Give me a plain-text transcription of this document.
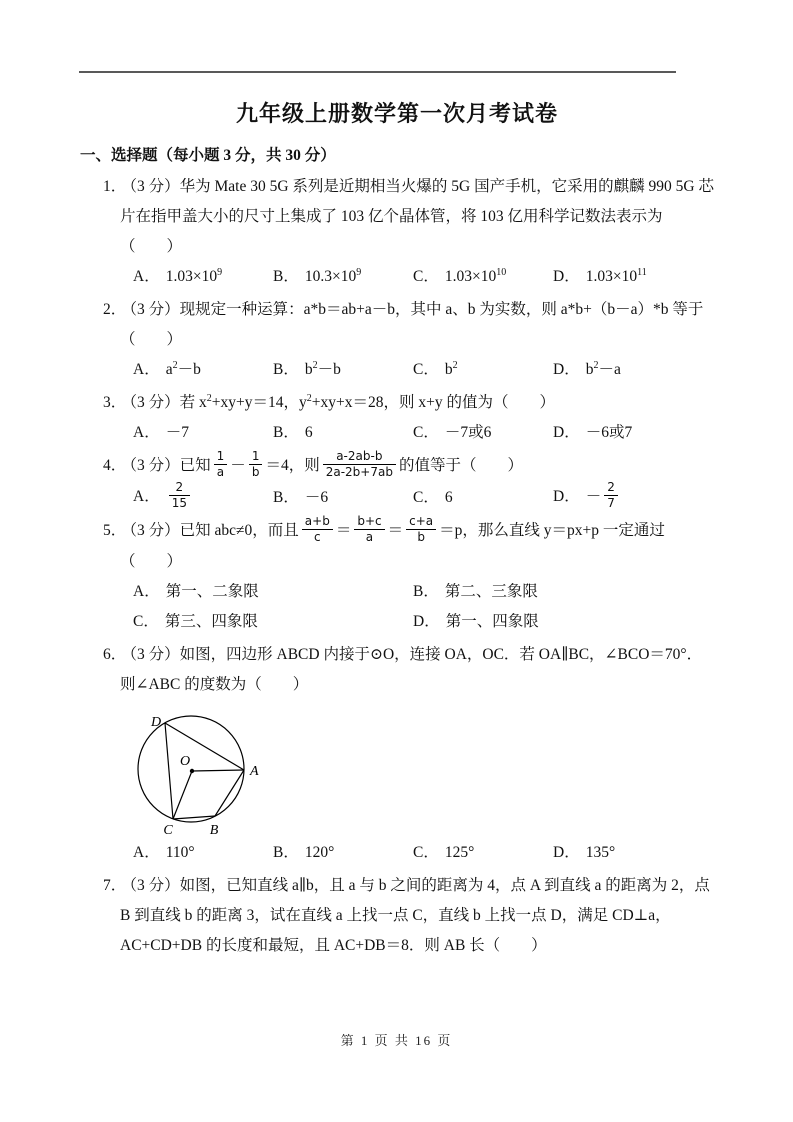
九年级上册数学第一次月考试卷
一、选择题（每小题 3 分，共 30 分）
1． （3 分）华为 Mate 30 5G 系列是近期相当火爆的 5G 国产手机，它采用的麒麟 990 5G 芯片在指甲盖大小的尺寸上集成了 103 亿个晶体管，将 103 亿用科学记数法表示为（　　）
A． $1.03\times 10^9$	B． $10.3\times 10^9$	C． $1.03\times 10^{10}$	D． $1.03\times 10^{11}$
2． （3 分）现规定一种运算：a*b＝ab+a－b，其中 a、b 为实数，则 a*b+（b－a）*b 等于（　　）
A． $a^2-b$	B． $b^2-b$	C． $b^2$	D． $b^2-a$
3． （3 分）若 $x^2+xy+y=14$，$y^2+xy+x=28$，则 x+y 的值为（　　）
A． －7	B． 6	C． －7或6	D． －6或7
4． （3 分）已知 $\frac{1}{a} - \frac{1}{b} =4$，则 $\frac{a-2ab-b}{2a-2b+7ab}$ 的值等于（　　）
A． $\frac{2}{15}$	B． －6	C． 6	D． － $\frac{2}{7}$
5． （3 分）已知 abc≠0，而且 $\frac{a+b}{c} = \frac{b+c}{a} = \frac{c+a}{b} =p$，那么直线 y＝px+p 一定通过（　　）
A． 第一、二象限	B． 第二、三象限
C． 第三、四象限	D． 第一、四象限
6． （3 分）如图，四边形 ABCD 内接于⊙O，连接 OA，OC．若 OA∥BC，∠BCO＝70°．则∠ABC 的度数为（　　）
D
A
O
C	B
A． 110°	B． 120°	C． 125°	D． 135°
7． （3 分）如图，已知直线 a∥b，且 a 与 b 之间的距离为 4，点 A 到直线 a 的距离为 2，点 B 到直线 b 的距离 3，试在直线 a 上找一点 C，直线 b 上找一点 D，满足 CD⊥a，AC+CD+DB 的长度和最短，且 AC+DB＝8．则 AB 长（　　）
第 1 页 共 16 页
